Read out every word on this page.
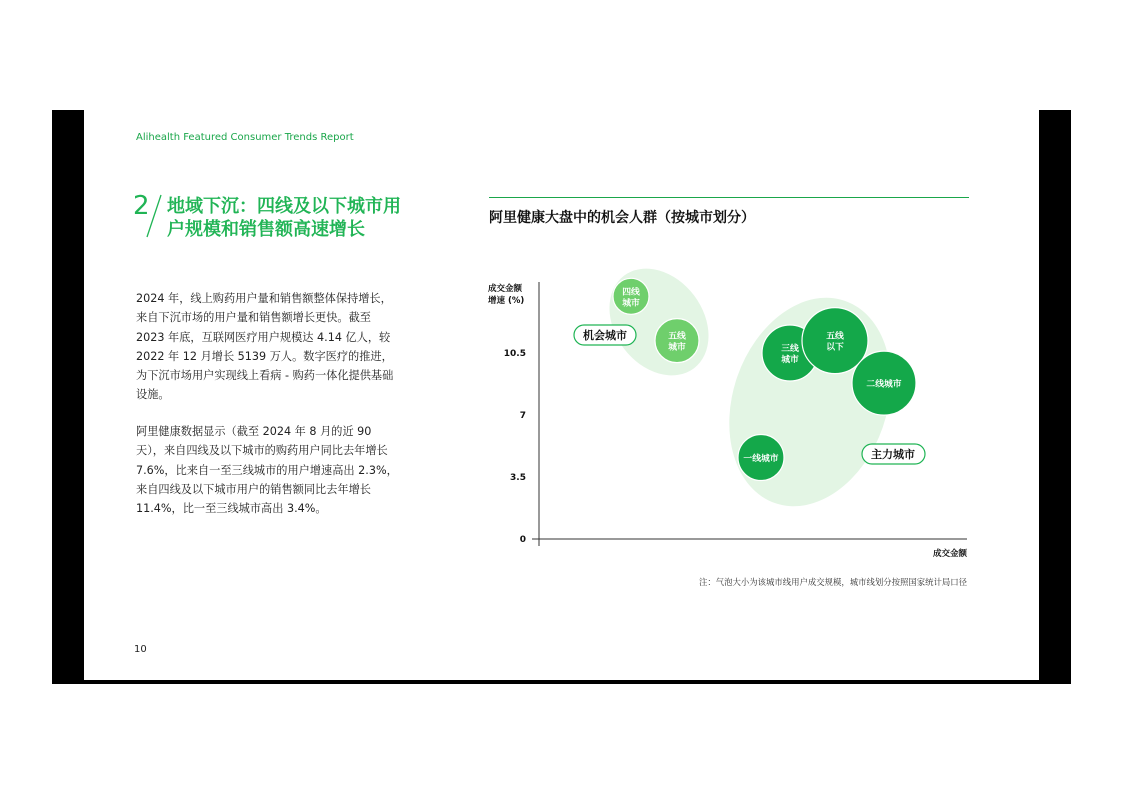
Alihealth Featured Consumer Trends Report
2 地域下沉：四线及以下城市用户规模和销售额高速增长
2024 年，线上购药用户量和销售额整体保持增长，来自下沉市场的用户量和销售额增长更快。截至 2023 年底，互联网医疗用户规模达 4.14 亿人，较 2022 年 12 月增长 5139 万人。数字医疗的推进，为下沉市场用户实现线上看病 - 购药一体化提供基础设施。
阿里健康数据显示（截至 2024 年 8 月的近 90 天），来自四线及以下城市的购药用户同比去年增长 7.6%，比来自一至三线城市的用户增速高出 2.3%，来自四线及以下城市用户的销售额同比去年增长 11.4%，比一至三线城市高出 3.4%。
10
阿里健康大盘中的机会人群（按城市划分）
成交金额
增速 (%)
成交金额
0
3.5
7
10.5
机会城市
主力城市
四线
城市
五线
城市	三线
城市
五线
以下
二线城市
一线城市
注：气泡大小为该城市线用户成交规模，城市线划分按照国家统计局口径
